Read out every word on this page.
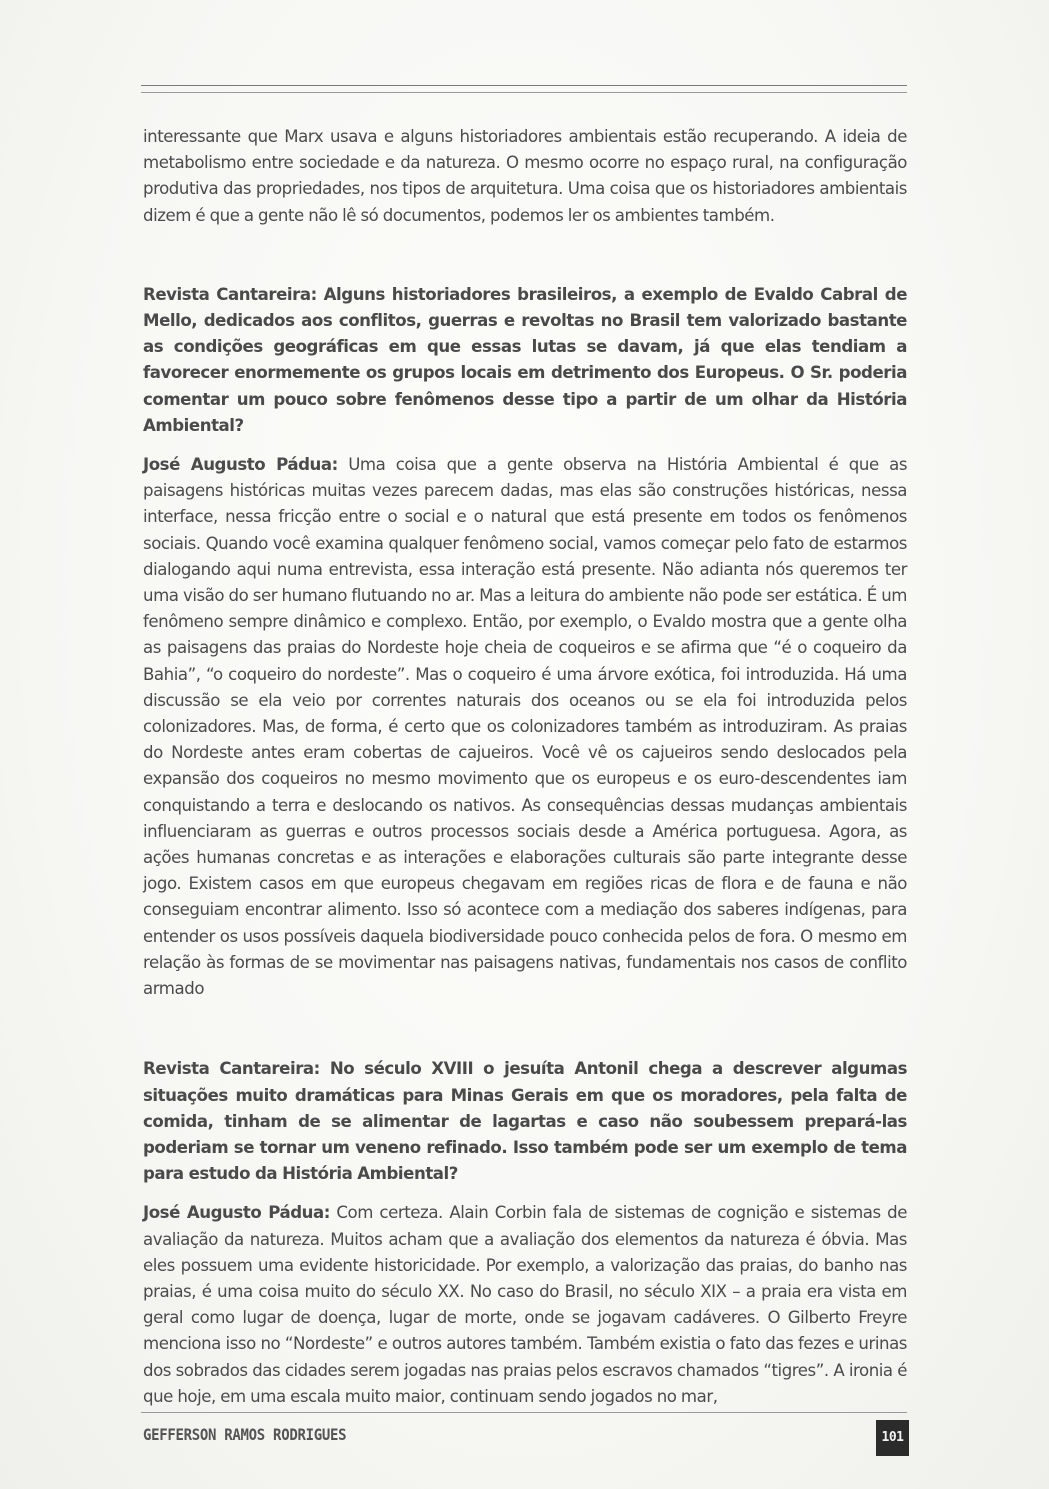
interessante que Marx usava e alguns historiadores ambientais estão recuperando. A ideia de metabolismo entre sociedade e da natureza. O mesmo ocorre no espaço rural, na configuração produtiva das propriedades, nos tipos de arquitetura. Uma coisa que os historiadores ambientais dizem é que a gente não lê só documentos, podemos ler os ambientes também.

Revista Cantareira: Alguns historiadores brasileiros, a exemplo de Evaldo Cabral de Mello, dedicados aos conflitos, guerras e revoltas no Brasil tem valorizado bastante as condições geográficas em que essas lutas se davam, já que elas tendiam a favorecer enormemente os grupos locais em detrimento dos Europeus. O Sr. poderia comentar um pouco sobre fenômenos desse tipo a partir de um olhar da História Ambiental?

José Augusto Pádua: Uma coisa que a gente observa na História Ambiental é que as paisagens históricas muitas vezes parecem dadas, mas elas são construções históricas, nessa interface, nessa fricção entre o social e o natural que está presente em todos os fenômenos sociais. Quando você examina qualquer fenômeno social, vamos começar pelo fato de estarmos dialogando aqui numa entrevista, essa interação está presente. Não adianta nós queremos ter uma visão do ser humano flutuando no ar. Mas a leitura do ambiente não pode ser estática. É um fenômeno sempre dinâmico e complexo. Então, por exemplo, o Evaldo mostra que a gente olha as paisagens das praias do Nordeste hoje cheia de coqueiros e se afirma que “é o coqueiro da Bahia”, “o coqueiro do nordeste”. Mas o coqueiro é uma árvore exótica, foi introduzida. Há uma discussão se ela veio por correntes naturais dos oceanos ou se ela foi introduzida pelos colonizadores. Mas, de forma, é certo que os colonizadores também as introduziram. As praias do Nordeste antes eram cobertas de cajueiros. Você vê os cajueiros sendo deslocados pela expansão dos coqueiros no mesmo movimento que os europeus e os euro-descendentes iam conquistando a terra e deslocando os nativos. As consequências dessas mudanças ambientais influenciaram as guerras e outros processos sociais desde a América portuguesa. Agora, as ações humanas concretas e as interações e elaborações culturais são parte integrante desse jogo. Existem casos em que europeus chegavam em regiões ricas de flora e de fauna e não conseguiam encontrar alimento. Isso só acontece com a mediação dos saberes indígenas, para entender os usos possíveis daquela biodiversidade pouco conhecida pelos de fora. O mesmo em relação às formas de se movimentar nas paisagens nativas, fundamentais nos casos de conflito armado

Revista Cantareira: No século XVIII o jesuíta Antonil chega a descrever algumas situações muito dramáticas para Minas Gerais em que os moradores, pela falta de comida, tinham de se alimentar de lagartas e caso não soubessem prepará-las poderiam se tornar um veneno refinado. Isso também pode ser um exemplo de tema para estudo da História Ambiental?

José Augusto Pádua: Com certeza. Alain Corbin fala de sistemas de cognição e sistemas de avaliação da natureza. Muitos acham que a avaliação dos elementos da natureza é óbvia. Mas eles possuem uma evidente historicidade. Por exemplo, a valorização das praias, do banho nas praias, é uma coisa muito do século XX. No caso do Brasil, no século XIX – a praia era vista em geral como lugar de doença, lugar de morte, onde se jogavam cadáveres. O Gilberto Freyre menciona isso no “Nordeste” e outros autores também. Também existia o fato das fezes e urinas dos sobrados das cidades serem jogadas nas praias pelos escravos chamados “tigres”. A ironia é que hoje, em uma escala muito maior, continuam sendo jogados no mar,

GEFFERSON RAMOS RODRIGUES	101
